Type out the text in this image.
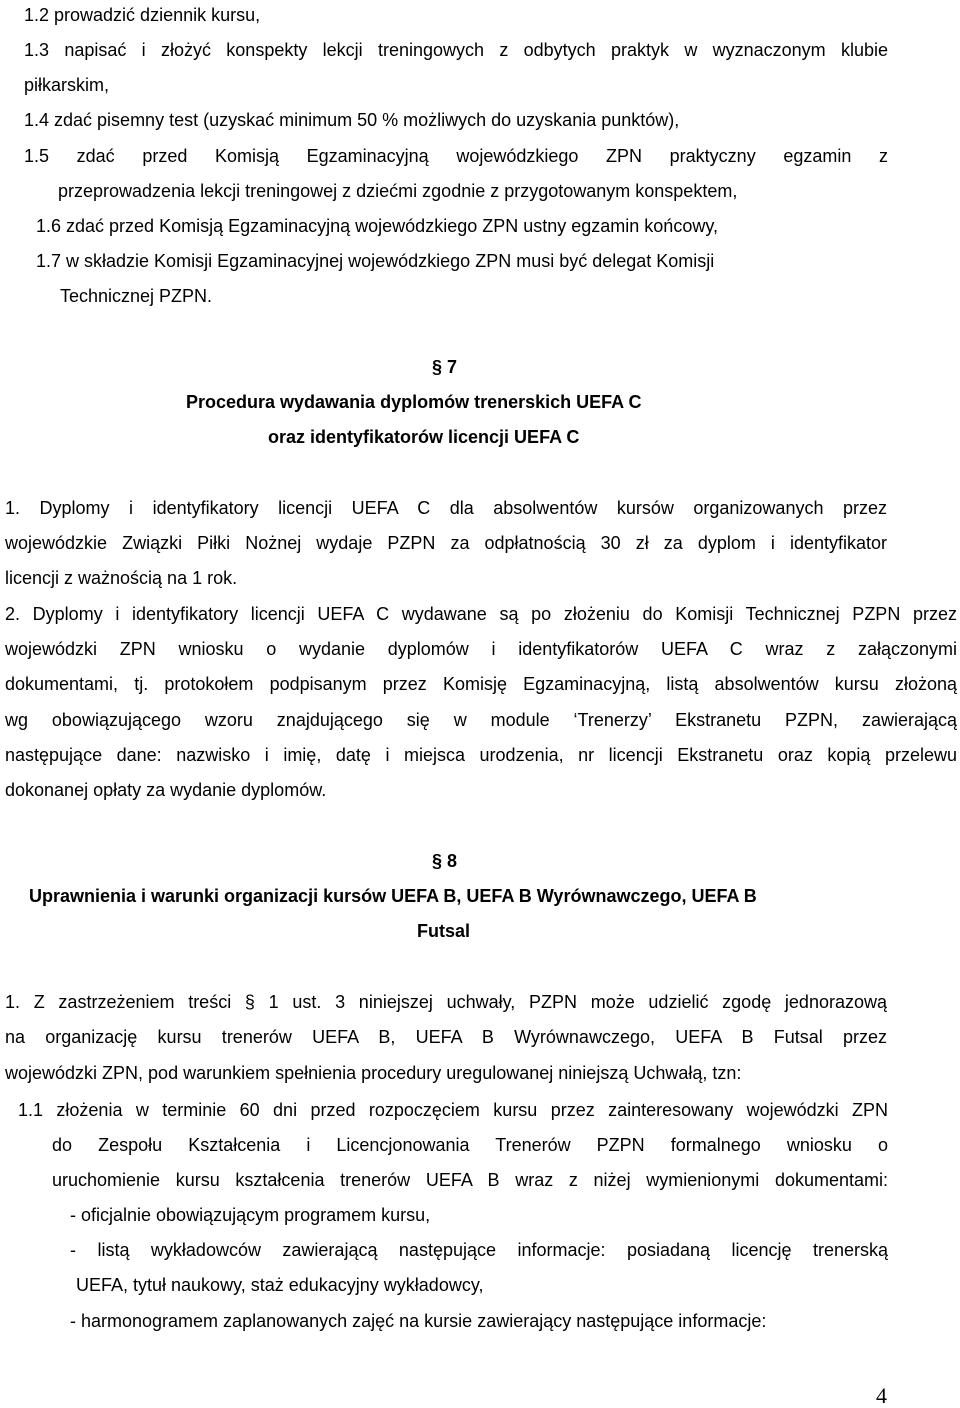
1.2 prowadzić dziennik kursu,
1.3 napisać i złożyć konspekty lekcji treningowych z odbytych praktyk w wyznaczonym klubie
piłkarskim,
1.4 zdać pisemny test (uzyskać minimum 50 % możliwych do uzyskania punktów),
1.5 zdać przed Komisją Egzaminacyjną wojewódzkiego ZPN praktyczny egzamin z
przeprowadzenia lekcji treningowej z dziećmi zgodnie z przygotowanym konspektem,
1.6 zdać przed Komisją Egzaminacyjną wojewódzkiego ZPN ustny egzamin końcowy,
1.7 w składzie Komisji Egzaminacyjnej wojewódzkiego ZPN musi być delegat Komisji
Technicznej PZPN.
§ 7
Procedura wydawania dyplomów trenerskich UEFA C
oraz identyfikatorów licencji UEFA C
1. Dyplomy i identyfikatory licencji UEFA C dla absolwentów kursów organizowanych przez
wojewódzkie Związki Piłki Nożnej wydaje PZPN za odpłatnością 30 zł za dyplom i identyfikator
licencji z ważnością na 1 rok.
2. Dyplomy i identyfikatory licencji UEFA C wydawane są po złożeniu do Komisji Technicznej PZPN przez
wojewódzki ZPN wniosku o wydanie dyplomów i identyfikatorów UEFA C wraz z załączonymi
dokumentami, tj. protokołem podpisanym przez Komisję Egzaminacyjną, listą absolwentów kursu złożoną
wg obowiązującego wzoru znajdującego się w module ‘Trenerzy’ Ekstranetu PZPN, zawierającą
następujące dane: nazwisko i imię, datę i miejsca urodzenia, nr licencji Ekstranetu oraz kopią przelewu
dokonanej opłaty za wydanie dyplomów.
§ 8
Uprawnienia i warunki organizacji kursów UEFA B, UEFA B Wyrównawczego, UEFA B
Futsal
1. Z zastrzeżeniem treści § 1 ust. 3 niniejszej uchwały, PZPN może udzielić zgodę jednorazową
na organizację kursu trenerów UEFA B, UEFA B Wyrównawczego, UEFA B Futsal przez
wojewódzki ZPN, pod warunkiem spełnienia procedury uregulowanej niniejszą Uchwałą, tzn:
1.1 złożenia w terminie 60 dni przed rozpoczęciem kursu przez zainteresowany wojewódzki ZPN
do Zespołu Kształcenia i Licencjonowania Trenerów PZPN formalnego wniosku o
uruchomienie kursu kształcenia trenerów UEFA B wraz z niżej wymienionymi dokumentami:
- oficjalnie obowiązującym programem kursu,
- listą wykładowców zawierającą następujące informacje: posiadaną licencję trenerską
UEFA, tytuł naukowy, staż edukacyjny wykładowcy,
- harmonogramem zaplanowanych zajęć na kursie zawierający następujące informacje:
4
